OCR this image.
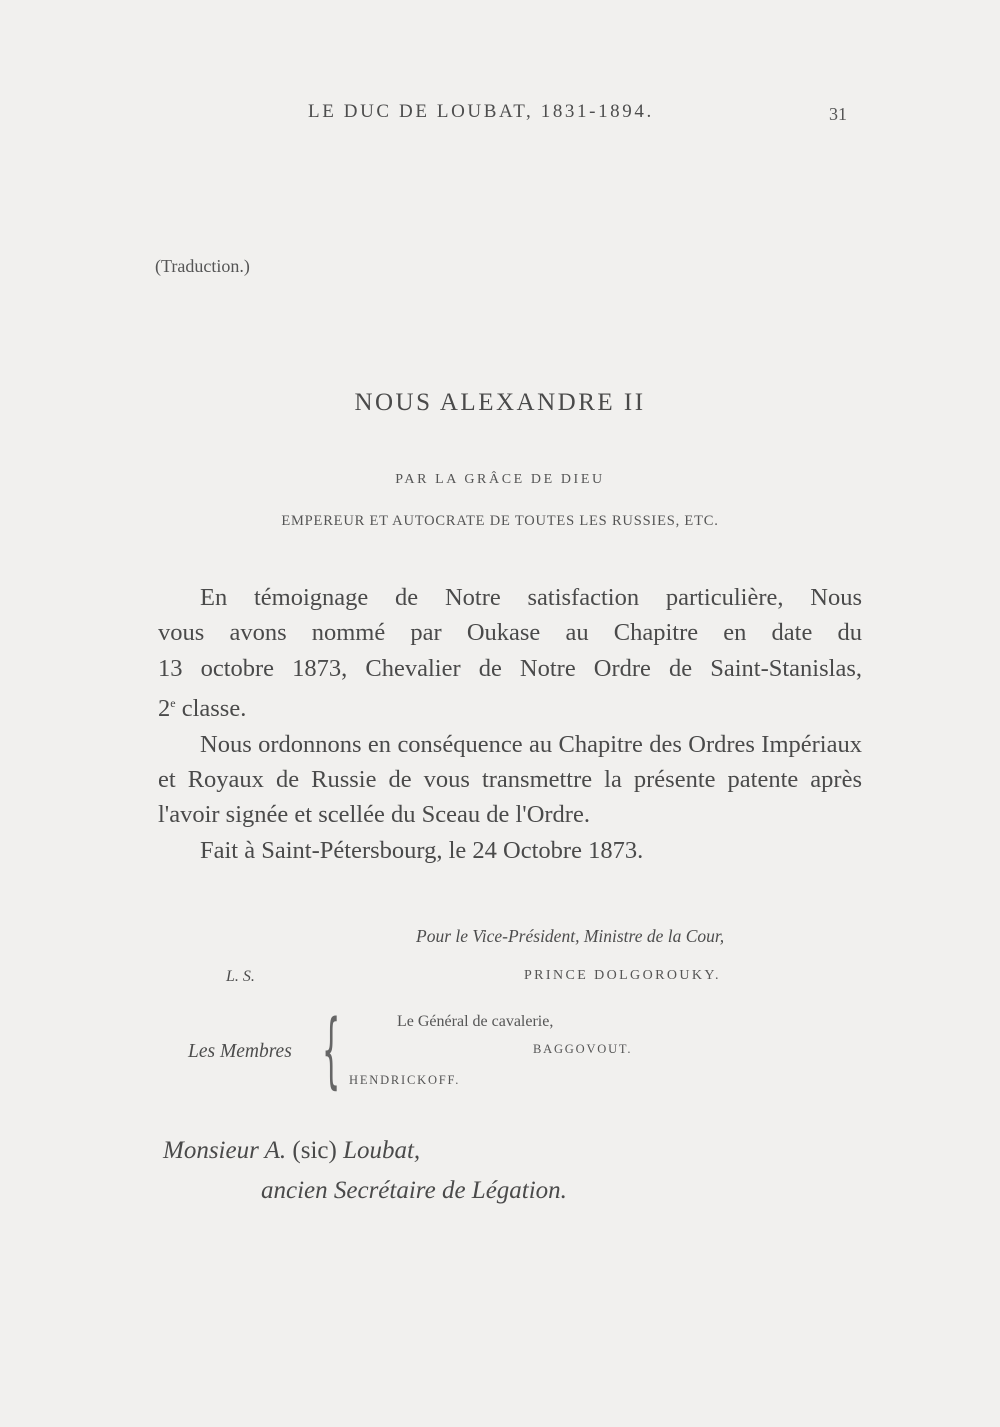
LE DUC DE LOUBAT, 1831-1894.	31
(Traduction.)
NOUS ALEXANDRE II
PAR LA GRÂCE DE DIEU
EMPEREUR ET AUTOCRATE DE TOUTES LES RUSSIES, ETC.

En témoignage de Notre satisfaction particulière, Nous
vous avons nommé par Oukase au Chapitre en date du
13 octobre 1873, Chevalier de Notre Ordre de Saint-Stanislas,
2e classe.

Nous ordonnons en conséquence au Chapitre des Ordres Impériaux et Royaux de Russie de vous transmettre la présente patente après l'avoir signée et scellée du Sceau de l'Ordre.

Fait à Saint-Pétersbourg, le 24 Octobre 1873.

Pour le Vice-Président, Ministre de la Cour,
L. S.	PRINCE DOLGOROUKY.
Les Membres {	Le Général de cavalerie,
BAGGOVOUT.
HENDRICKOFF.
Monsieur A. (sic) Loubat,
ancien Secrétaire de Légation.
